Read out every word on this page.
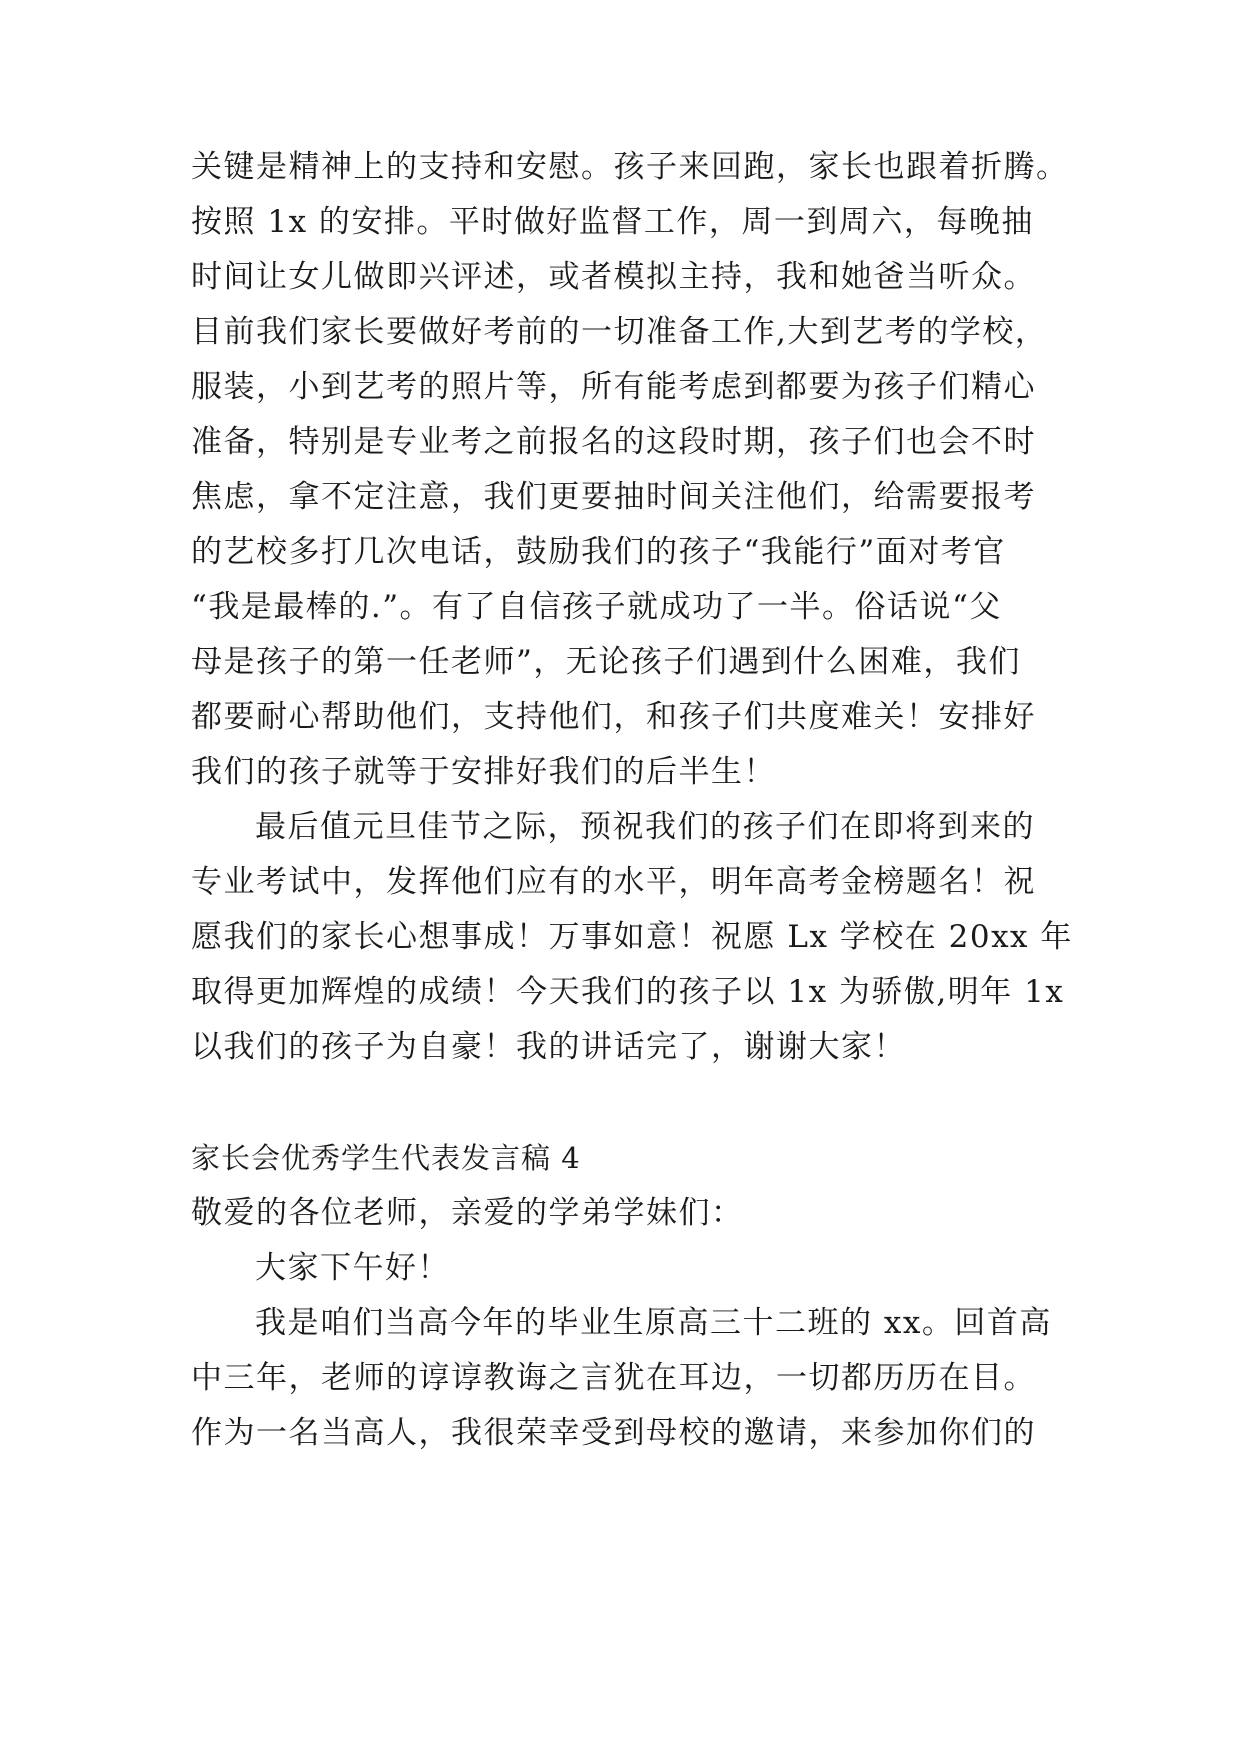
关键是精神上的支持和安慰。孩子来回跑，家长也跟着折腾。
按照 1x 的安排。平时做好监督工作，周一到周六，每晚抽
时间让女儿做即兴评述，或者模拟主持，我和她爸当听众。
目前我们家长要做好考前的一切准备工作,大到艺考的学校，
服装，小到艺考的照片等，所有能考虑到都要为孩子们精心
准备，特别是专业考之前报名的这段时期，孩子们也会不时
焦虑，拿不定注意，我们更要抽时间关注他们，给需要报考
的艺校多打几次电话，鼓励我们的孩子“我能行”面对考官
“我是最棒的.”。有了自信孩子就成功了一半。俗话说“父
母是孩子的第一任老师”，无论孩子们遇到什么困难，我们
都要耐心帮助他们，支持他们，和孩子们共度难关！安排好
我们的孩子就等于安排好我们的后半生！
最后值元旦佳节之际，预祝我们的孩子们在即将到来的
专业考试中，发挥他们应有的水平，明年高考金榜题名！祝
愿我们的家长心想事成！万事如意！祝愿 Lx 学校在 20xx 年
取得更加辉煌的成绩！今天我们的孩子以 1x 为骄傲,明年 1x
以我们的孩子为自豪！我的讲话完了，谢谢大家！
家长会优秀学生代表发言稿 4
敬爱的各位老师，亲爱的学弟学妹们：
大家下午好！
我是咱们当高今年的毕业生原高三十二班的 xx。回首高
中三年，老师的谆谆教诲之言犹在耳边，一切都历历在目。
作为一名当高人，我很荣幸受到母校的邀请，来参加你们的
